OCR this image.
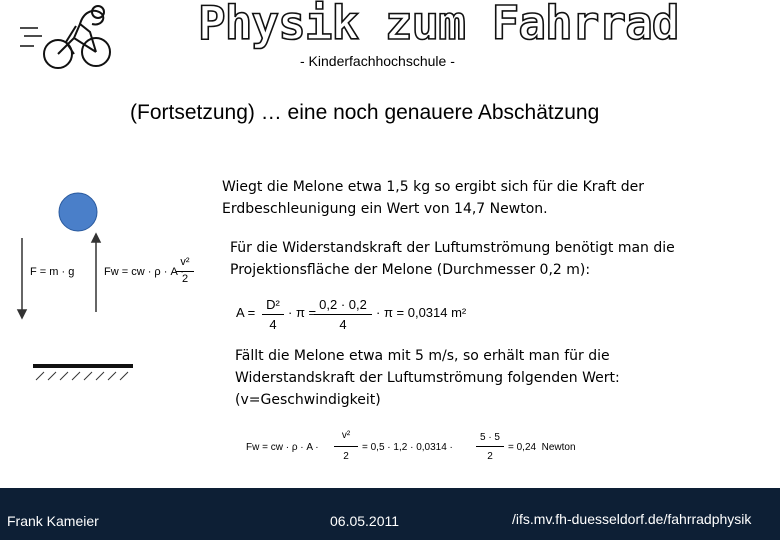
Physik zum Fahrrad
- Kinderfachhochschule -
(Fortsetzung) … eine noch genauere Abschätzung
Wiegt die Melone etwa 1,5 kg so ergibt sich für die Kraft der Erdbeschleunigung ein Wert von 14,7 Newton.
Für die Widerstandskraft der Luftumströmung benötigt man die Projektionsfläche der Melone (Durchmesser 0,2 m):
Fällt die Melone etwa mit 5 m/s, so erhält man für die Widerstandskraft der Luftumströmung folgenden Wert: (v=Geschwindigkeit)
F = m · g	Fw = cw · ρ · A ·
v²
2
A =
D²
4
· π =
0,2 · 0,2
4
· π = 0,0314 m²
Fw = cw · ρ · A ·
v²
2
= 0,5 · 1,2 · 0,0314 ·
5 · 5
2
= 0,24  Newton
Frank Kameier	06.05.2011	/ifs.mv.fh-duesseldorf.de/fahrradphysik
